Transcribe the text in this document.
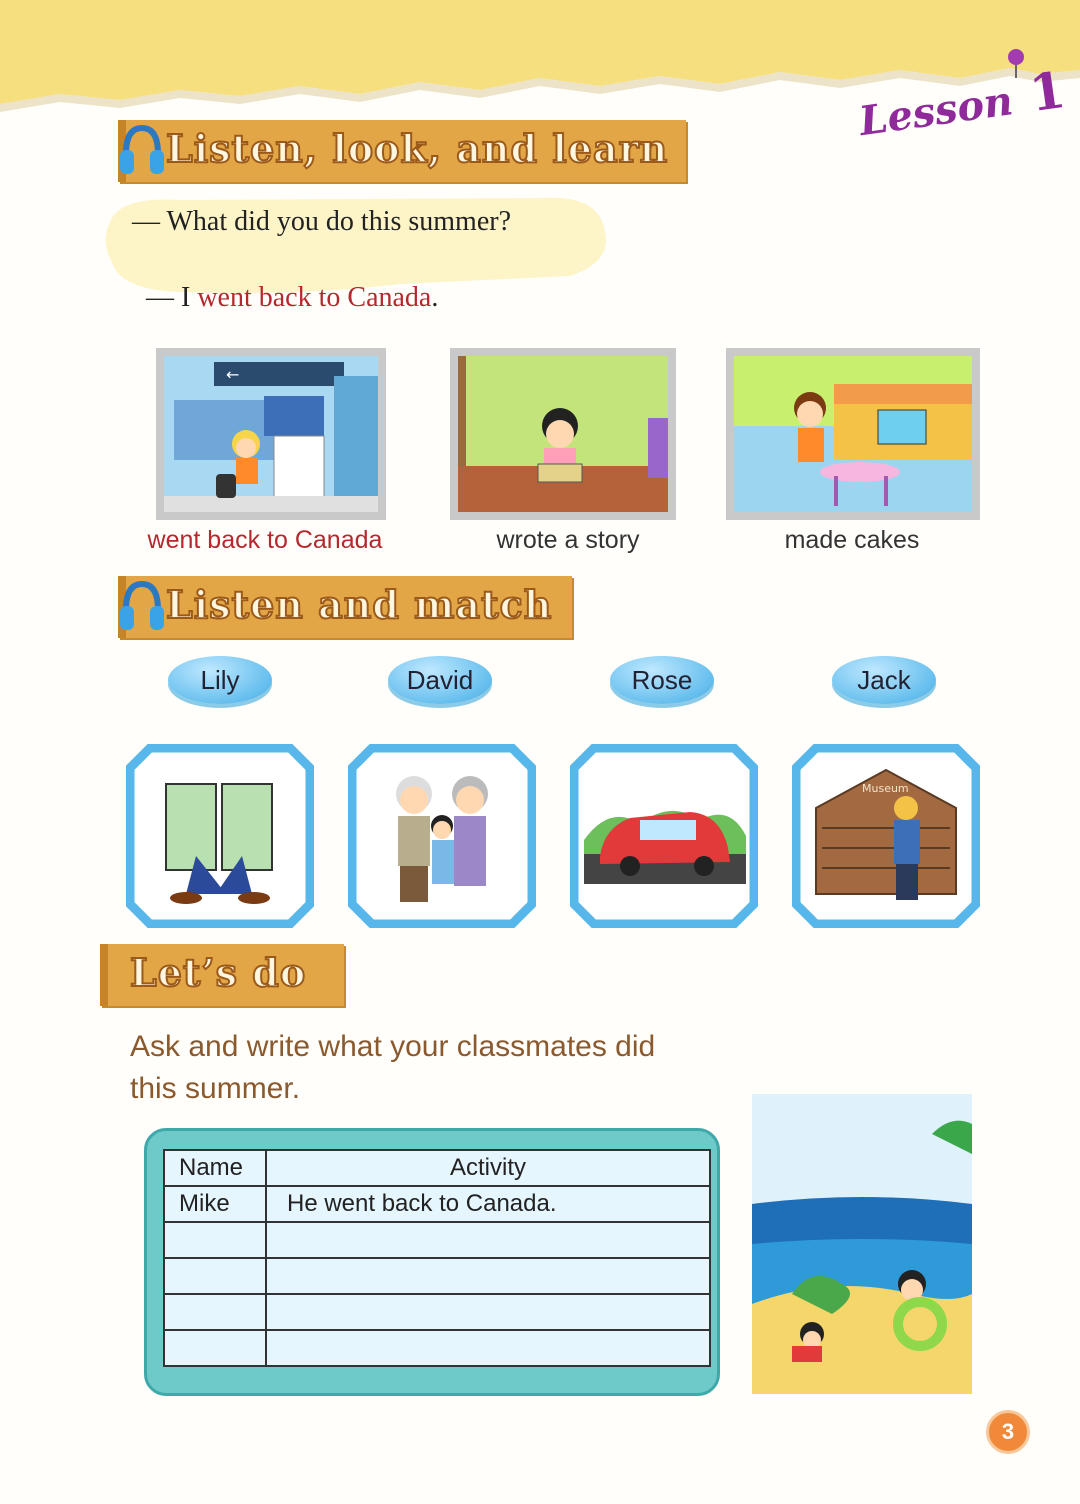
Lesson 1
Listen, look, and learn
— What did you do this summer?

— I went back to Canada.

←
went back to Canada	wrote a story	made cakes
Listen and match
Lily	David	Rose	Jack
Museum
Let’s do
Ask and write what your classmates did
this summer.
Name	Activity
Mike	He went back to Canada.

3
